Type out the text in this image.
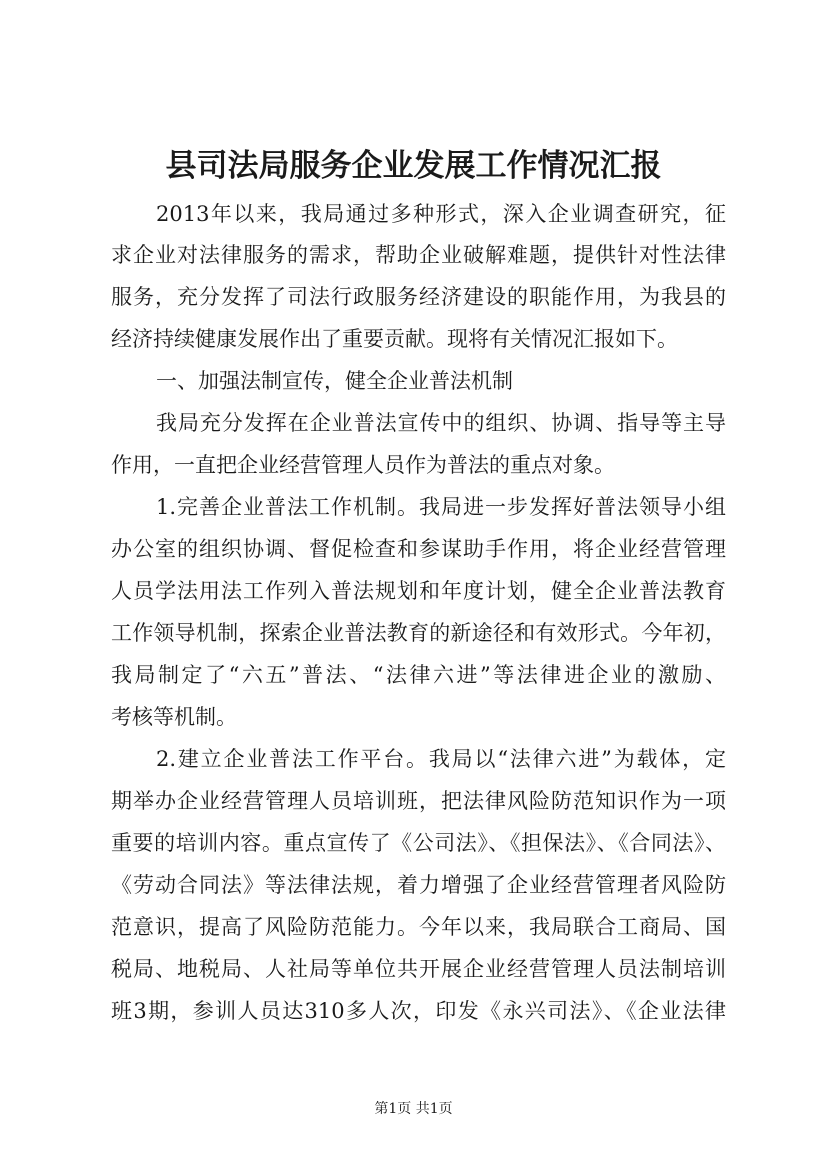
县司法局服务企业发展工作情况汇报
2013年以来，我局通过多种形式，深入企业调查研究，征
求企业对法律服务的需求，帮助企业破解难题，提供针对性法律
服务，充分发挥了司法行政服务经济建设的职能作用，为我县的
经济持续健康发展作出了重要贡献。现将有关情况汇报如下。
一、加强法制宣传，健全企业普法机制
我局充分发挥在企业普法宣传中的组织、协调、指导等主导
作用，一直把企业经营管理人员作为普法的重点对象。
1.完善企业普法工作机制。我局进一步发挥好普法领导小组
办公室的组织协调、督促检查和参谋助手作用，将企业经营管理
人员学法用法工作列入普法规划和年度计划，健全企业普法教育
工作领导机制，探索企业普法教育的新途径和有效形式。今年初，
我局制定了“六五”普法、“法律六进”等法律进企业的激励、
考核等机制。
2.建立企业普法工作平台。我局以“法律六进”为载体，定
期举办企业经营管理人员培训班，把法律风险防范知识作为一项
重要的培训内容。重点宣传了《公司法》、《担保法》、《合同法》、
《劳动合同法》等法律法规，着力增强了企业经营管理者风险防
范意识，提高了风险防范能力。今年以来，我局联合工商局、国
税局、地税局、人社局等单位共开展企业经营管理人员法制培训
班3期，参训人员达310多人次，印发《永兴司法》、《企业法律
第1页 共1页
